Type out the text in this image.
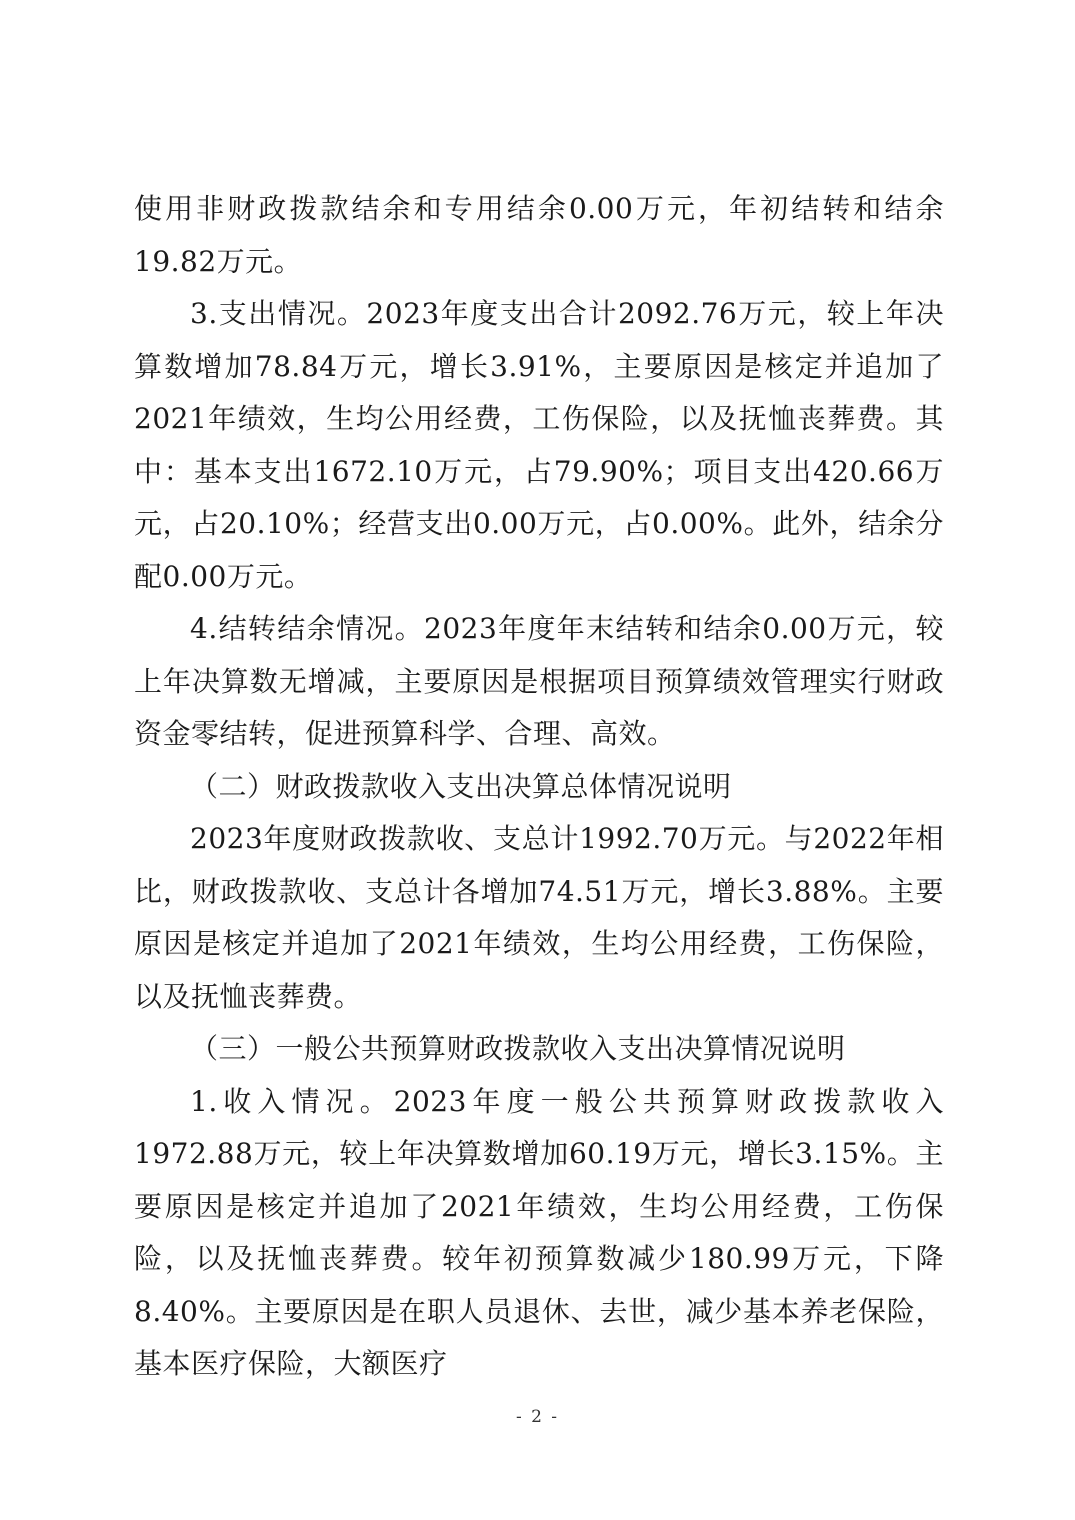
使用非财政拨款结余和专用结余0.00万元，年初结转和结余19.82万元。

3.支出情况。2023年度支出合计2092.76万元，较上年决算数增加78.84万元，增长3.91%，主要原因是核定并追加了2021年绩效，生均公用经费，工伤保险，以及抚恤丧葬费。其中：基本支出1672.10万元，占79.90%；项目支出420.66万元，占20.10%；经营支出0.00万元，占0.00%。此外，结余分配0.00万元。

4.结转结余情况。2023年度年末结转和结余0.00万元，较上年决算数无增减，主要原因是根据项目预算绩效管理实行财政资金零结转，促进预算科学、合理、高效。

（二）财政拨款收入支出决算总体情况说明

2023年度财政拨款收、支总计1992.70万元。与2022年相比，财政拨款收、支总计各增加74.51万元，增长3.88%。主要原因是核定并追加了2021年绩效，生均公用经费，工伤保险，以及抚恤丧葬费。

（三）一般公共预算财政拨款收入支出决算情况说明

1.收入情况。2023年度一般公共预算财政拨款收入1972.88万元，较上年决算数增加60.19万元，增长3.15%。主要原因是核定并追加了2021年绩效，生均公用经费，工伤保险，以及抚恤丧葬费。较年初预算数减少180.99万元，下降8.40%。主要原因是在职人员退休、去世，减少基本养老保险，基本医疗保险，大额医疗

- 2 -
